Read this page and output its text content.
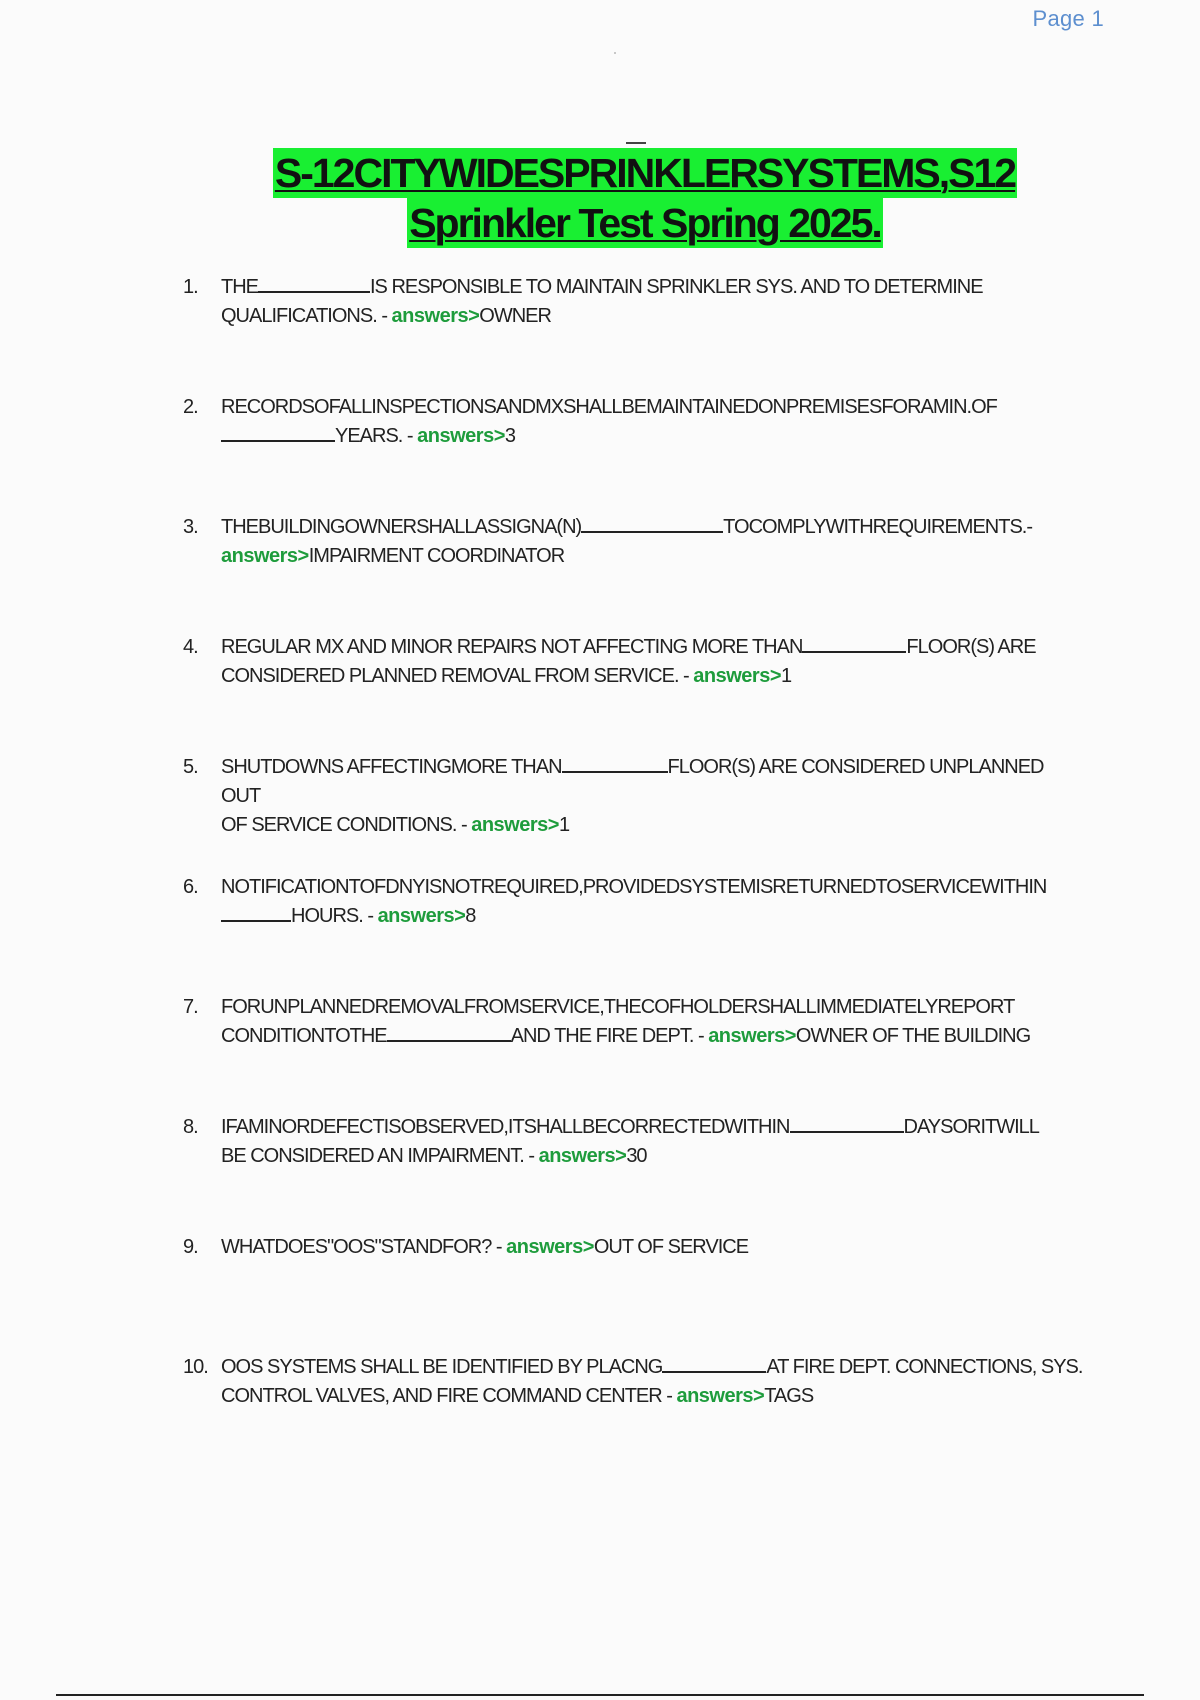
Page 1
S-12CITYWIDESPRINKLERSYSTEMS,S12
Sprinkler Test Spring 2025.
1.	THE	IS RESPONSIBLE TO MAINTAIN SPRINKLER SYS. AND TO DETERMINE
QUALIFICATIONS. - answers>OWNER
2.	RECORDSOFALLINSPECTIONSANDMXSHALLBEMAINTAINEDONPREMISESFORAMIN.OF
YEARS. - answers>3
3.	THEBUILDINGOWNERSHALLASSIGNA(N)	TOCOMPLYWITHREQUIREMENTS.-
answers>IMPAIRMENT COORDINATOR
4.	REGULAR MX AND MINOR REPAIRS NOT AFFECTING MORE THAN	FLOOR(S) ARE
CONSIDERED PLANNED REMOVAL FROM SERVICE. - answers>1
5.	SHUTDOWNS AFFECTINGMORE THAN	FLOOR(S) ARE CONSIDERED UNPLANNED OUT
OF SERVICE CONDITIONS. - answers>1
6.	NOTIFICATIONTOFDNYISNOTREQUIRED,PROVIDEDSYSTEMISRETURNEDTOSERVICEWITHIN
HOURS. - answers>8
7.	FORUNPLANNEDREMOVALFROMSERVICE,THECOFHOLDERSHALLIMMEDIATELYREPORT
CONDITIONTOTHE	AND THE FIRE DEPT. - answers>OWNER OF THE BUILDING
8.	IFAMINORDEFECTISOBSERVED,ITSHALLBECORRECTEDWITHIN	DAYSORITWILL
BE CONSIDERED AN IMPAIRMENT. - answers>30
9.	WHATDOES"OOS"STANDFOR? - answers>OUT OF SERVICE
10. OOS SYSTEMS SHALL BE IDENTIFIED BY PLACNG	AT FIRE DEPT. CONNECTIONS, SYS.
CONTROL VALVES, AND FIRE COMMAND CENTER - answers>TAGS
